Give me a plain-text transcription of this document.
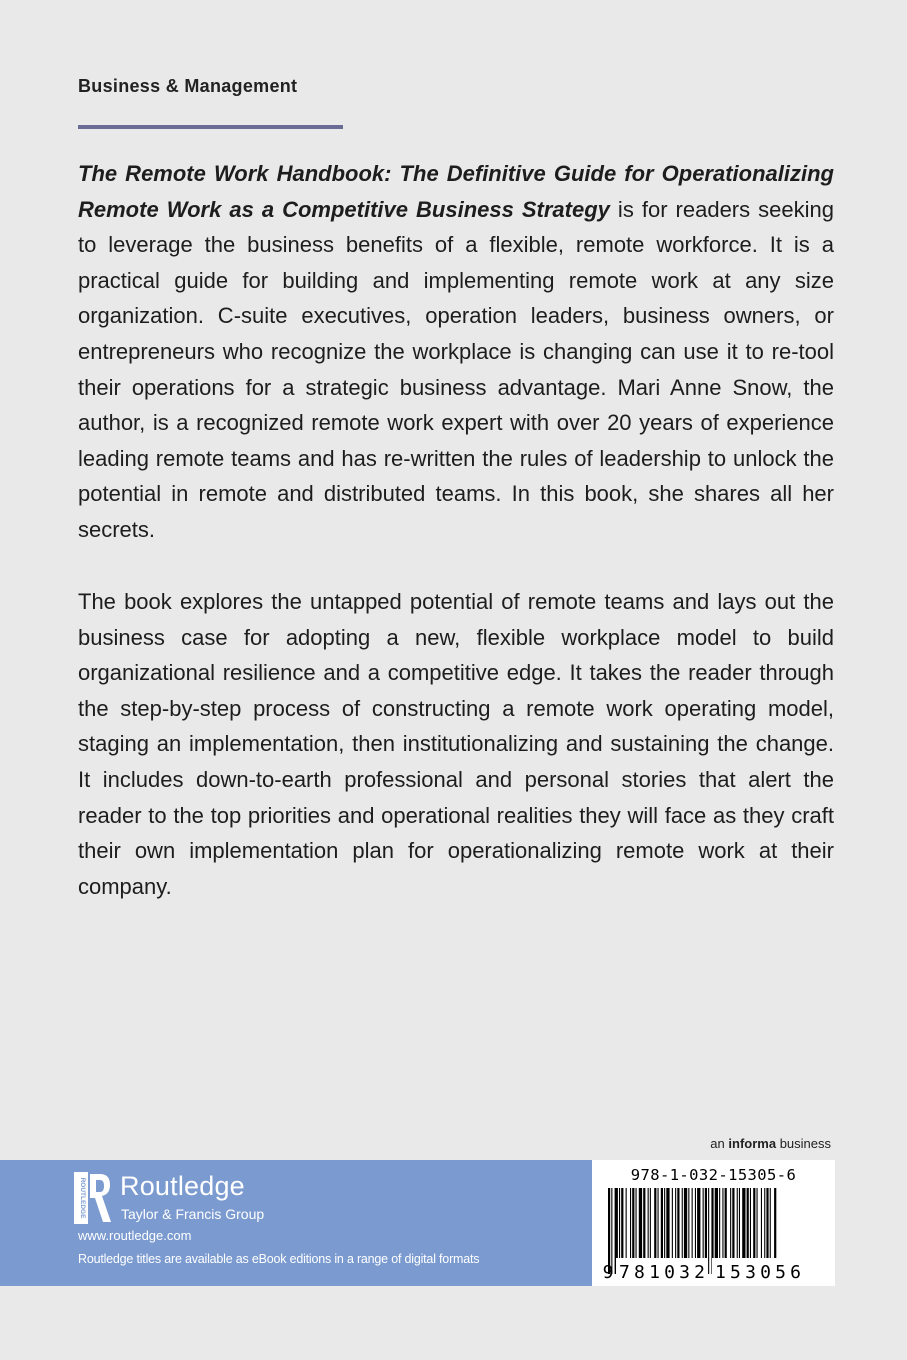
Business & Management

The Remote Work Handbook: The Definitive Guide for Operationalizing Remote Work as a Competitive Business Strategy is for readers seeking to leverage the business benefits of a flexible, remote workforce. It is a practical guide for building and implementing remote work at any size organization. C-suite executives, operation leaders, business owners, or entrepreneurs who recognize the workplace is changing can use it to re-tool their operations for a strategic business advantage. Mari Anne Snow, the author, is a recognized remote work expert with over 20 years of experience leading remote teams and has re-written the rules of leadership to unlock the potential in remote and distributed teams. In this book, she shares all her secrets.

The book explores the untapped potential of remote teams and lays out the business case for adopting a new, flexible workplace model to build organizational resilience and a competitive edge. It takes the reader through the step-by-step process of constructing a remote work operating model, staging an implementation, then institutionalizing and sustaining the change. It includes down-to-earth professional and personal stories that alert the reader to the top priorities and operational realities they will face as they craft their own implementation plan for operationalizing remote work at their company.

an informa business
ROUTLEDGE Routledge
Taylor & Francis Group
www.routledge.com
Routledge titles are available as eBook editions in a range of digital formats
978-1-032-15305-6
9 781032 153056
